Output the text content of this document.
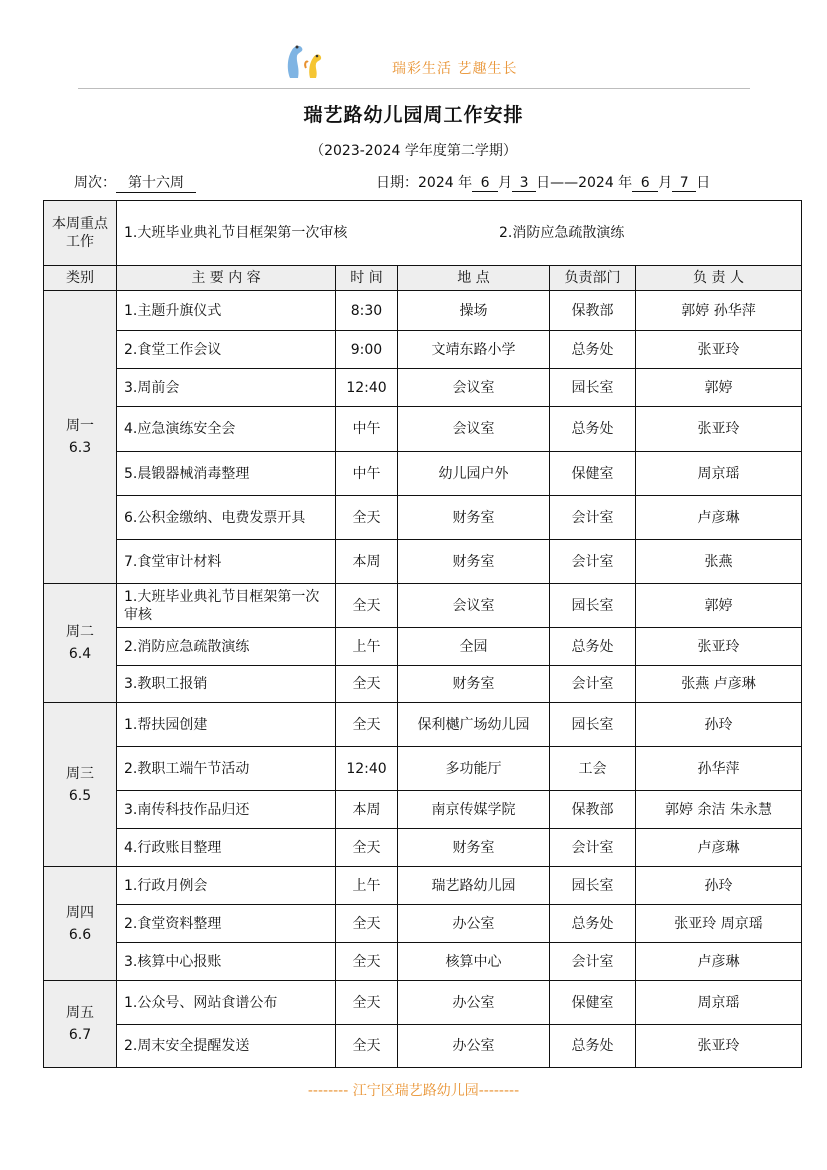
瑞彩生活 艺趣生长
瑞艺路幼儿园周工作安排
（2023-2024 学年度第二学期）
周次： 第十六周	日期：2024 年 6 月 3 日——2024 年 6 月 7 日
本周重点工作	1.大班毕业典礼节目框架第一次审核 2.消防应急疏散演练				
类别	主 要 内 容	时 间	地 点	负责部门	负 责 人

周一
6.3	1.主题升旗仪式	8:30	操场	保教部	郭婷 孙华萍
	2.食堂工作会议	9:00	文靖东路小学	总务处	张亚玲
	3.周前会	12:40	会议室	园长室	郭婷
	4.应急演练安全会	中午	会议室	总务处	张亚玲
	5.晨锻器械消毒整理	中午	幼儿园户外	保健室	周京瑶
	6.公积金缴纳、电费发票开具	全天	财务室	会计室	卢彦琳
	7.食堂审计材料	本周	财务室	会计室	张燕

周二
6.4	1.大班毕业典礼节目框架第一次审核	全天	会议室	园长室	郭婷
	2.消防应急疏散演练	上午	全园	总务处	张亚玲
	3.教职工报销	全天	财务室	会计室	张燕 卢彦琳

周三
6.5	1.帮扶园创建	全天	保利樾广场幼儿园	园长室	孙玲
	2.教职工端午节活动	12:40	多功能厅	工会	孙华萍
	3.南传科技作品归还	本周	南京传媒学院	保教部	郭婷 余洁 朱永慧
	4.行政账目整理	全天	财务室	会计室	卢彦琳

周四
6.6	1.行政月例会	上午	瑞艺路幼儿园	园长室	孙玲
	2.食堂资料整理	全天	办公室	总务处	张亚玲 周京瑶
	3.核算中心报账	全天	核算中心	会计室	卢彦琳

周五
6.7	1.公众号、网站食谱公布	全天	办公室	保健室	周京瑶
	2.周末安全提醒发送	全天	办公室	总务处	张亚玲
-------- 江宁区瑞艺路幼儿园--------
